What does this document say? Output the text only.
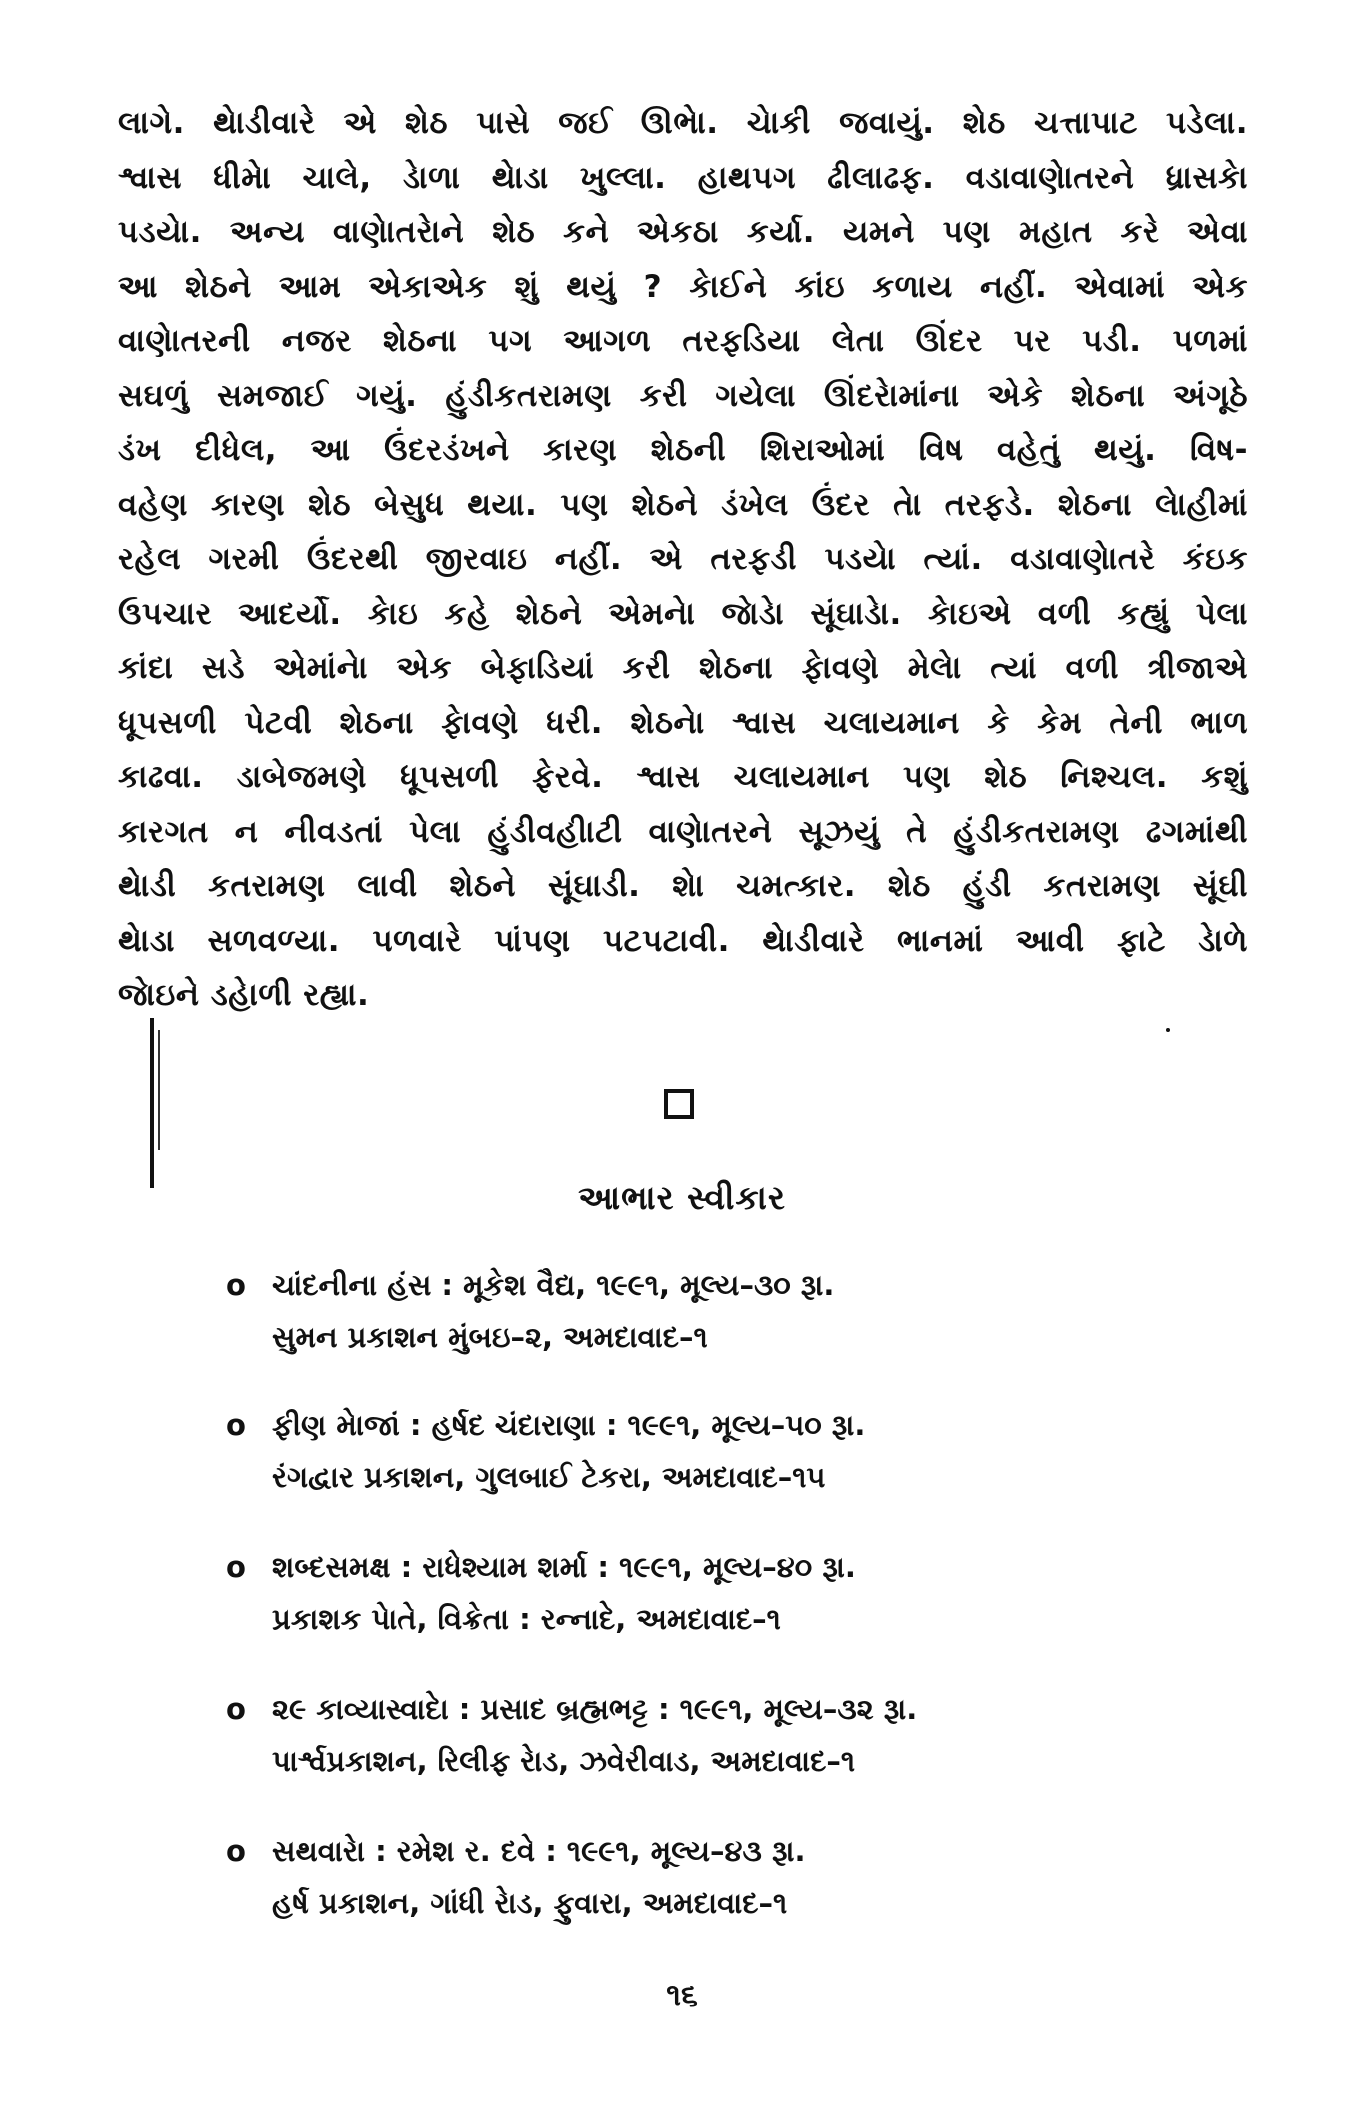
લાગે. થેાડીવારે એ શેઠ પાસે જઈ ઊભેા. ચેાકી જવાયું. શેઠ ચત્તાપાટ પડેલા.
શ્વાસ ધીમેા ચાલે, ડેાળા થેાડા ખુલ્લા. હાથપગ ઢીલાઢફ. વડાવાણેાતરને ધ્રાસકેા
પડયેા. અન્ય વાણેાતરેાને શેઠ કને એકઠા કર્યા. યમને પણ મહાત કરે એવા
આ શેઠને આમ એકાએક શું થયું ? કેાઈને કાંઇ કળાય નહીં. એવામાં એક
વાણેાતરની નજર શેઠના પગ આગળ તરફડિયા લેતા ઊંદર પર પડી. પળમાં
સઘળું સમજાઈ ગયું. હુંડીકતરામણ કરી ગયેલા ઊંદરાેમાંના એકે શેઠના અંગૂઠે
ડંખ દીધેલ, આ ઉંદરડંખને કારણ શેઠની શિરાઓમાં વિષ વહેતું થયું. વિષ-
વહેણ કારણ શેઠ બેસુધ થયા. પણ શેઠને ડંખેલ ઉંદર તેા તરફડે. શેઠના લેાહીમાં
રહેલ ગરમી ઉંદરથી જીરવાઇ નહીં. એ તરફડી પડયેા ત્યાં. વડાવાણેાતરે કંઇક
ઉપચાર આદર્યો. કેાઇ કહે શેઠને એમનેા જેાડેા સૂંઘાડેા. કેાઇએ વળી કહ્યું પેલા
કાંદા સડે એમાંનેા એક બેફાડિયાં કરી શેઠના ફેાવણે મેલેા ત્યાં વળી ત્રીજાએ
ધૂપસળી પેટવી શેઠના ફેાવણે ધરી. શેઠનેા શ્વાસ ચલાયમાન કે કેમ તેની ભાળ
કાઢવા. ડાબેજમણે ધૂપસળી ફેરવે. શ્વાસ ચલાયમાન પણ શેઠ નિશ્ચલ. કશું
કારગત ન નીવડતાં પેલા હુંડીવહીાટી વાણેાતરને સૂઝયું તે હુંડીકતરામણ ઢગમાંથી
થેાડી કતરામણ લાવી શેઠને સૂંઘાડી. શેા ચમત્કાર. શેઠ હુંડી કતરામણ સૂંઘી
થેાડા સળવળ્યા. પળવારે પાંપણ પટપટાવી. થેાડીવારે ભાનમાં આવી ફાટે ડેાળે
જેાઇને ડહેાળી રહ્યા.
આભાર સ્વીકાર
o ચાંદનીના હંસ : મૂકેશ વૈદ્ય, ૧૯૯૧, મૂલ્ય–૩૦ રૂા.
સુમન પ્રકાશન મુંબઇ–૨, અમદાવાદ–૧
o ફીણ મેાજાં : હર્ષદ ચંદારાણા : ૧૯૯૧, મૂલ્ય–૫૦ રૂા.
રંગદ્વાર પ્રકાશન, ગુલબાઈ ટેકરા, અમદાવાદ–૧૫
o શબ્દસમક્ષ : રાધેશ્યામ શર્મા : ૧૯૯૧, મૂલ્ય–૪૦ રૂા.
પ્રકાશક પેાતે, વિક્રેતા : રન્નાદે, અમદાવાદ–૧
o ૨૯ કાવ્યાસ્વાદેા : પ્રસાદ બ્રહ્મભટ્ટ : ૧૯૯૧, મૂલ્ય–૩૨ રૂા.
પાર્શ્વપ્રકાશન, રિલીફ રેાડ, ઝવેરીવાડ, અમદાવાદ–૧
o સથવારેા : રમેશ ર. દવે : ૧૯૯૧, મૂલ્ય–૪૩ રૂા.
હર્ષ પ્રકાશન, ગાંધી રેાડ, ફુવારા, અમદાવાદ–૧
૧૬
